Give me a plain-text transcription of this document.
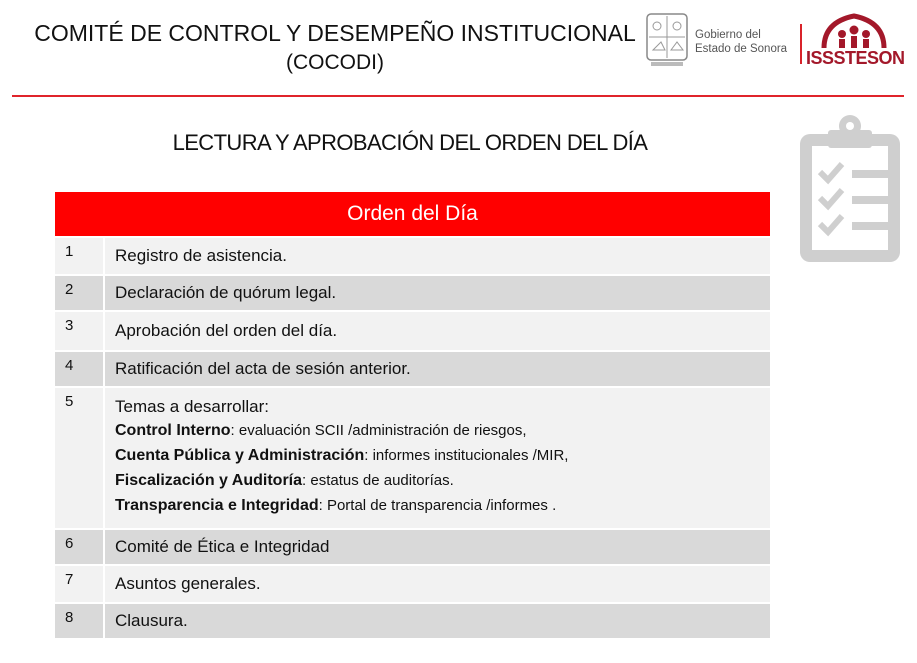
COMITÉ DE CONTROL Y DESEMPEÑO INSTITUCIONAL
(COCODI)
Gobierno del
Estado de Sonora ISSSTESON
LECTURA Y APROBACIÓN DEL ORDEN DEL DÍA
Orden del Día
1	Registro de asistencia.
2	Declaración de quórum legal.
3	Aprobación del orden del día.
4	Ratificación del acta de sesión anterior.
5	Temas a desarrollar:
Control Interno: evaluación SCII /administración de riesgos,
Cuenta Pública y Administración: informes institucionales /MIR,
Fiscalización y Auditoría: estatus de auditorías.
Transparencia e Integridad: Portal de transparencia /informes .
6	Comité de Ética e Integridad
7	Asuntos generales.
8	Clausura.
